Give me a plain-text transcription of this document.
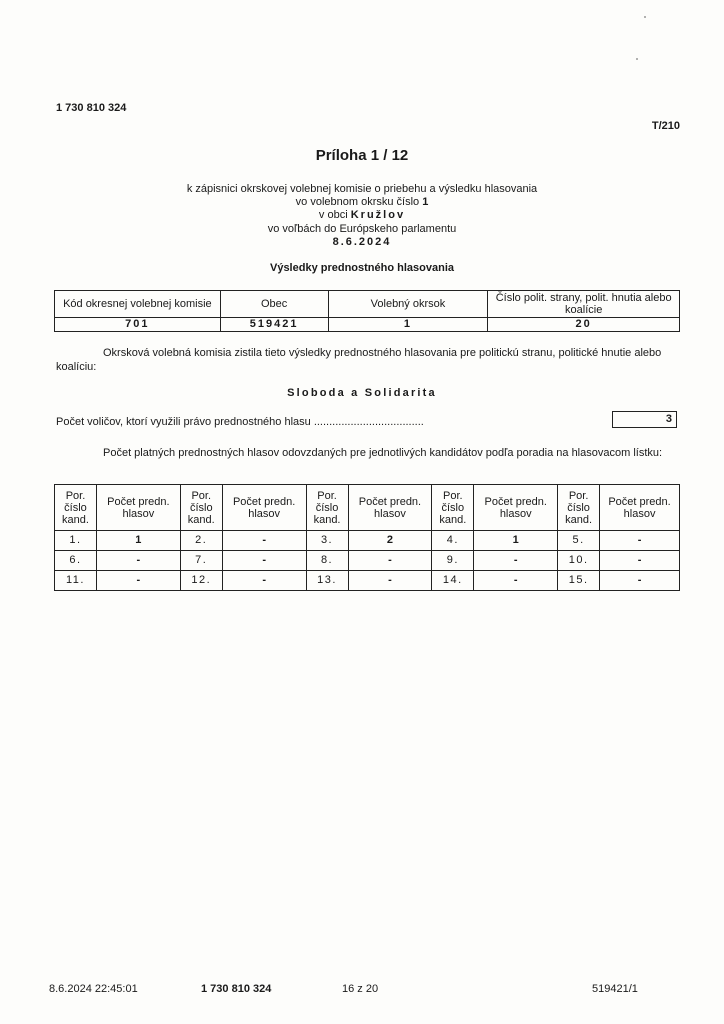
1 730 810 324
T/210
Príloha 1 / 12
k zápisnici okrskovej volebnej komisie o priebehu a výsledku hlasovania
vo volebnom okrsku číslo 1
v obci Kružlov
vo voľbách do Európskeho parlamentu
8.6.2024
Výsledky prednostného hlasovania
Kód okresnej volebnej komisie	Obec	Volebný okrsok	Číslo polit. strany, polit. hnutia alebo koalície
701	519421	1	20
Okrsková volebná komisia zistila tieto výsledky prednostného hlasovania pre politickú stranu, politické hnutie alebo koalíciu:
Sloboda a Solidarita
Počet voličov, ktorí využili právo prednostného hlasu ....................................	3
Počet platných prednostných hlasov odovzdaných pre jednotlivých kandidátov podľa poradia na hlasovacom lístku:
Por. číslo kand.	Počet predn. hlasov	Por. číslo kand.	Počet predn. hlasov	Por. číslo kand.	Počet predn. hlasov	Por. číslo kand.	Počet predn. hlasov	Por. číslo kand.	Počet predn. hlasov
1.	1	2.	-	3.	2	4.	1	5.	-
6.	-	7.	-	8.	-	9.	-	10.	-
11.	-	12.	-	13.	-	14.	-	15.	-
8.6.2024 22:45:01	1 730 810 324	16 z 20	519421/1
